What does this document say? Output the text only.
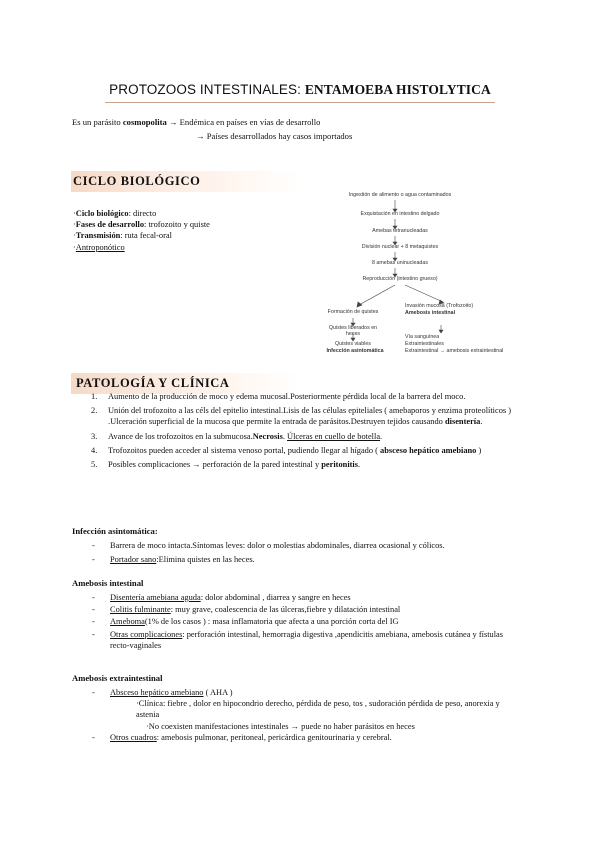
PROTOZOOS INTESTINALES: ENTAMOEBA HISTOLYTICA
Es un parásito cosmopolita → Endémica en países en vías de desarrollo
→ Países desarrollados hay casos importados
CICLO BIOLÓGICO
·Ciclo biológico: directo
·Fases de desarrollo: trofozoito y quiste
·Transmisión: ruta fecal-oral
·Antroponótico
Ingestión de alimento o agua contaminados
Exquistación en intestino delgado
Amebas tetranucleadas
División nuclear + 8 metaquistes
8 amebas uninucleadas
Reproducción (intestino grueso)
Formación de quistes
Quistes liberados en heces
Quistes viables
Infección asintomática
Invasión mucosa (Trofozoito)
Amebosis intestinal
Vía sanguínea
Extraintestinales
Extraintestinal → amebosis extraintestinal
PATOLOGÍA Y CLÍNICA
1. Aumento de la producción de moco y edema mucosal.Posteriormente pérdida local de la barrera del moco.
2. Unión del trofozoito a las céls del epitelio intestinal.Lisis de las células epiteliales ( amebaporos y enzima proteolíticos ) .Ulceración superficial de la mucosa que permite la entrada de parásitos.Destruyen tejidos causando disentería.
3. Avance de los trofozoitos en la submucosa.Necrosis. Úlceras en cuello de botella.
4. Trofozoitos pueden acceder al sistema venoso portal, pudiendo llegar al hígado ( absceso hepático amebiano )
5. Posibles complicaciones → perforación de la pared intestinal y peritonitis.
Infección asintomática:
- Barrera de moco intacta.Síntomas leves: dolor o molestias abdominales, diarrea ocasional y cólicos.
- Portador sano:Elimina quistes en las heces.
Amebosis intestinal
- Disentería amebiana aguda: dolor abdominal , diarrea y sangre en heces
- Colitis fulminante: muy grave, coalescencia de las úlceras,fiebre y dilatación intestinal
- Ameboma(1% de los casos ) : masa inflamatoria que afecta a una porción corta del IG
- Otras complicaciones: perforación intestinal, hemorragia digestiva ,apendicitis amebiana, amebosis cutánea y fístulas recto-vaginales
Amebosis extraintestinal
- Absceso hepático amebiano ( AHA )
·Clínica: fiebre , dolor en hipocondrio derecho, pérdida de peso, tos , sudoración pérdida de peso, anorexia y astenia
·No coexisten manifestaciones intestinales → puede no haber parásitos en heces
- Otros cuadros: amebosis pulmonar, peritoneal, pericárdica genitourinaria y cerebral.
